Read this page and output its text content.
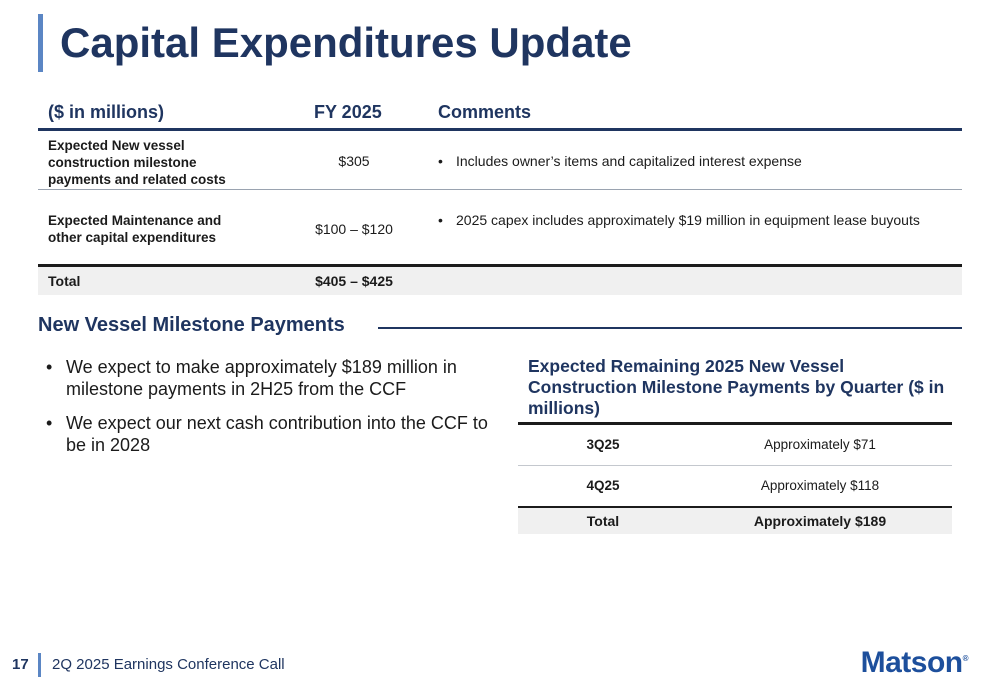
Capital Expenditures Update
($ in millions)	FY 2025	Comments
Expected New vessel construction milestone payments and related costs
$305
•	Includes owner’s items and capitalized interest expense
Expected Maintenance and other capital expenditures
$100 – $120
• 2025 capex includes approximately $19 million in equipment lease buyouts
Total	$405 – $425
New Vessel Milestone Payments
• We expect to make approximately $189 million in milestone payments in 2H25 from the CCF
• We expect our next cash contribution into the CCF to be in 2028
Expected Remaining 2025 New Vessel Construction Milestone Payments by Quarter ($ in millions)
3Q25	Approximately $71
4Q25	Approximately $118
Total	Approximately $189
17 2Q 2025 Earnings Conference Call	Matson®
